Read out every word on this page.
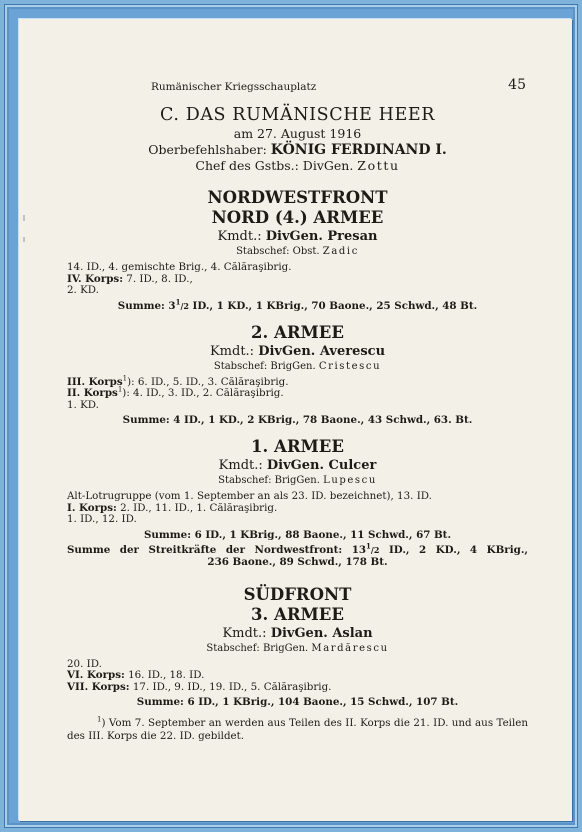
Rumänischer Kriegsschauplatz	45
C. DAS RUMÄNISCHE HEER
am 27. August 1916
Oberbefehlshaber: KÖNIG FERDINAND I.
Chef des Gstbs.: DivGen. Zottu
NORDWESTFRONT
NORD (4.) ARMEE
Kmdt.: DivGen. Presan
Stabschef: Obst. Zadic
14. ID., 4. gemischte Brig., 4. Călăraşibrig.
IV. Korps: 7. ID., 8. ID.,
2. KD.
Summe: $3^1/2$ ID., 1 KD., 1 KBrig., 70 Baone., 25 Schwd., 48 Bt.
2. ARMEE
Kmdt.: DivGen. Averescu
Stabschef: BrigGen. Cristescu
III. Korps$^1$): 6. ID., 5. ID., 3. Călăraşibrig.
II. Korps$^1$): 4. ID., 3. ID., 2. Călăraşibrig.
1. KD.
Summe: 4 ID., 1 KD., 2 KBrig., 78 Baone., 43 Schwd., 63. Bt.
1. ARMEE
Kmdt.: DivGen. Culcer
Stabschef: BrigGen. Lupescu
Alt-Lotrugruppe (vom 1. September an als 23. ID. bezeichnet), 13. ID.
I. Korps: 2. ID., 11. ID., 1. Călăraşibrig.
1. ID., 12. ID.
Summe: 6 ID., 1 KBrig., 88 Baone., 11 Schwd., 67 Bt.
Summe der Streitkräfte der Nordwestfront: $13^1/2$ ID., 2 KD., 4 KBrig.,
236 Baone., 89 Schwd., 178 Bt.
SÜDFRONT
3. ARMEE
Kmdt.: DivGen. Aslan
Stabschef: BrigGen. Mardărescu
20. ID.
VI. Korps: 16. ID., 18. ID.
VII. Korps: 17. ID., 9. ID., 19. ID., 5. Călăraşibrig.
Summe: 6 ID., 1 KBrig., 104 Baone., 15 Schwd., 107 Bt.
$^1$) Vom 7. September an werden aus Teilen des II. Korps die 21. ID. und aus Teilen des III. Korps die 22. ID. gebildet.
